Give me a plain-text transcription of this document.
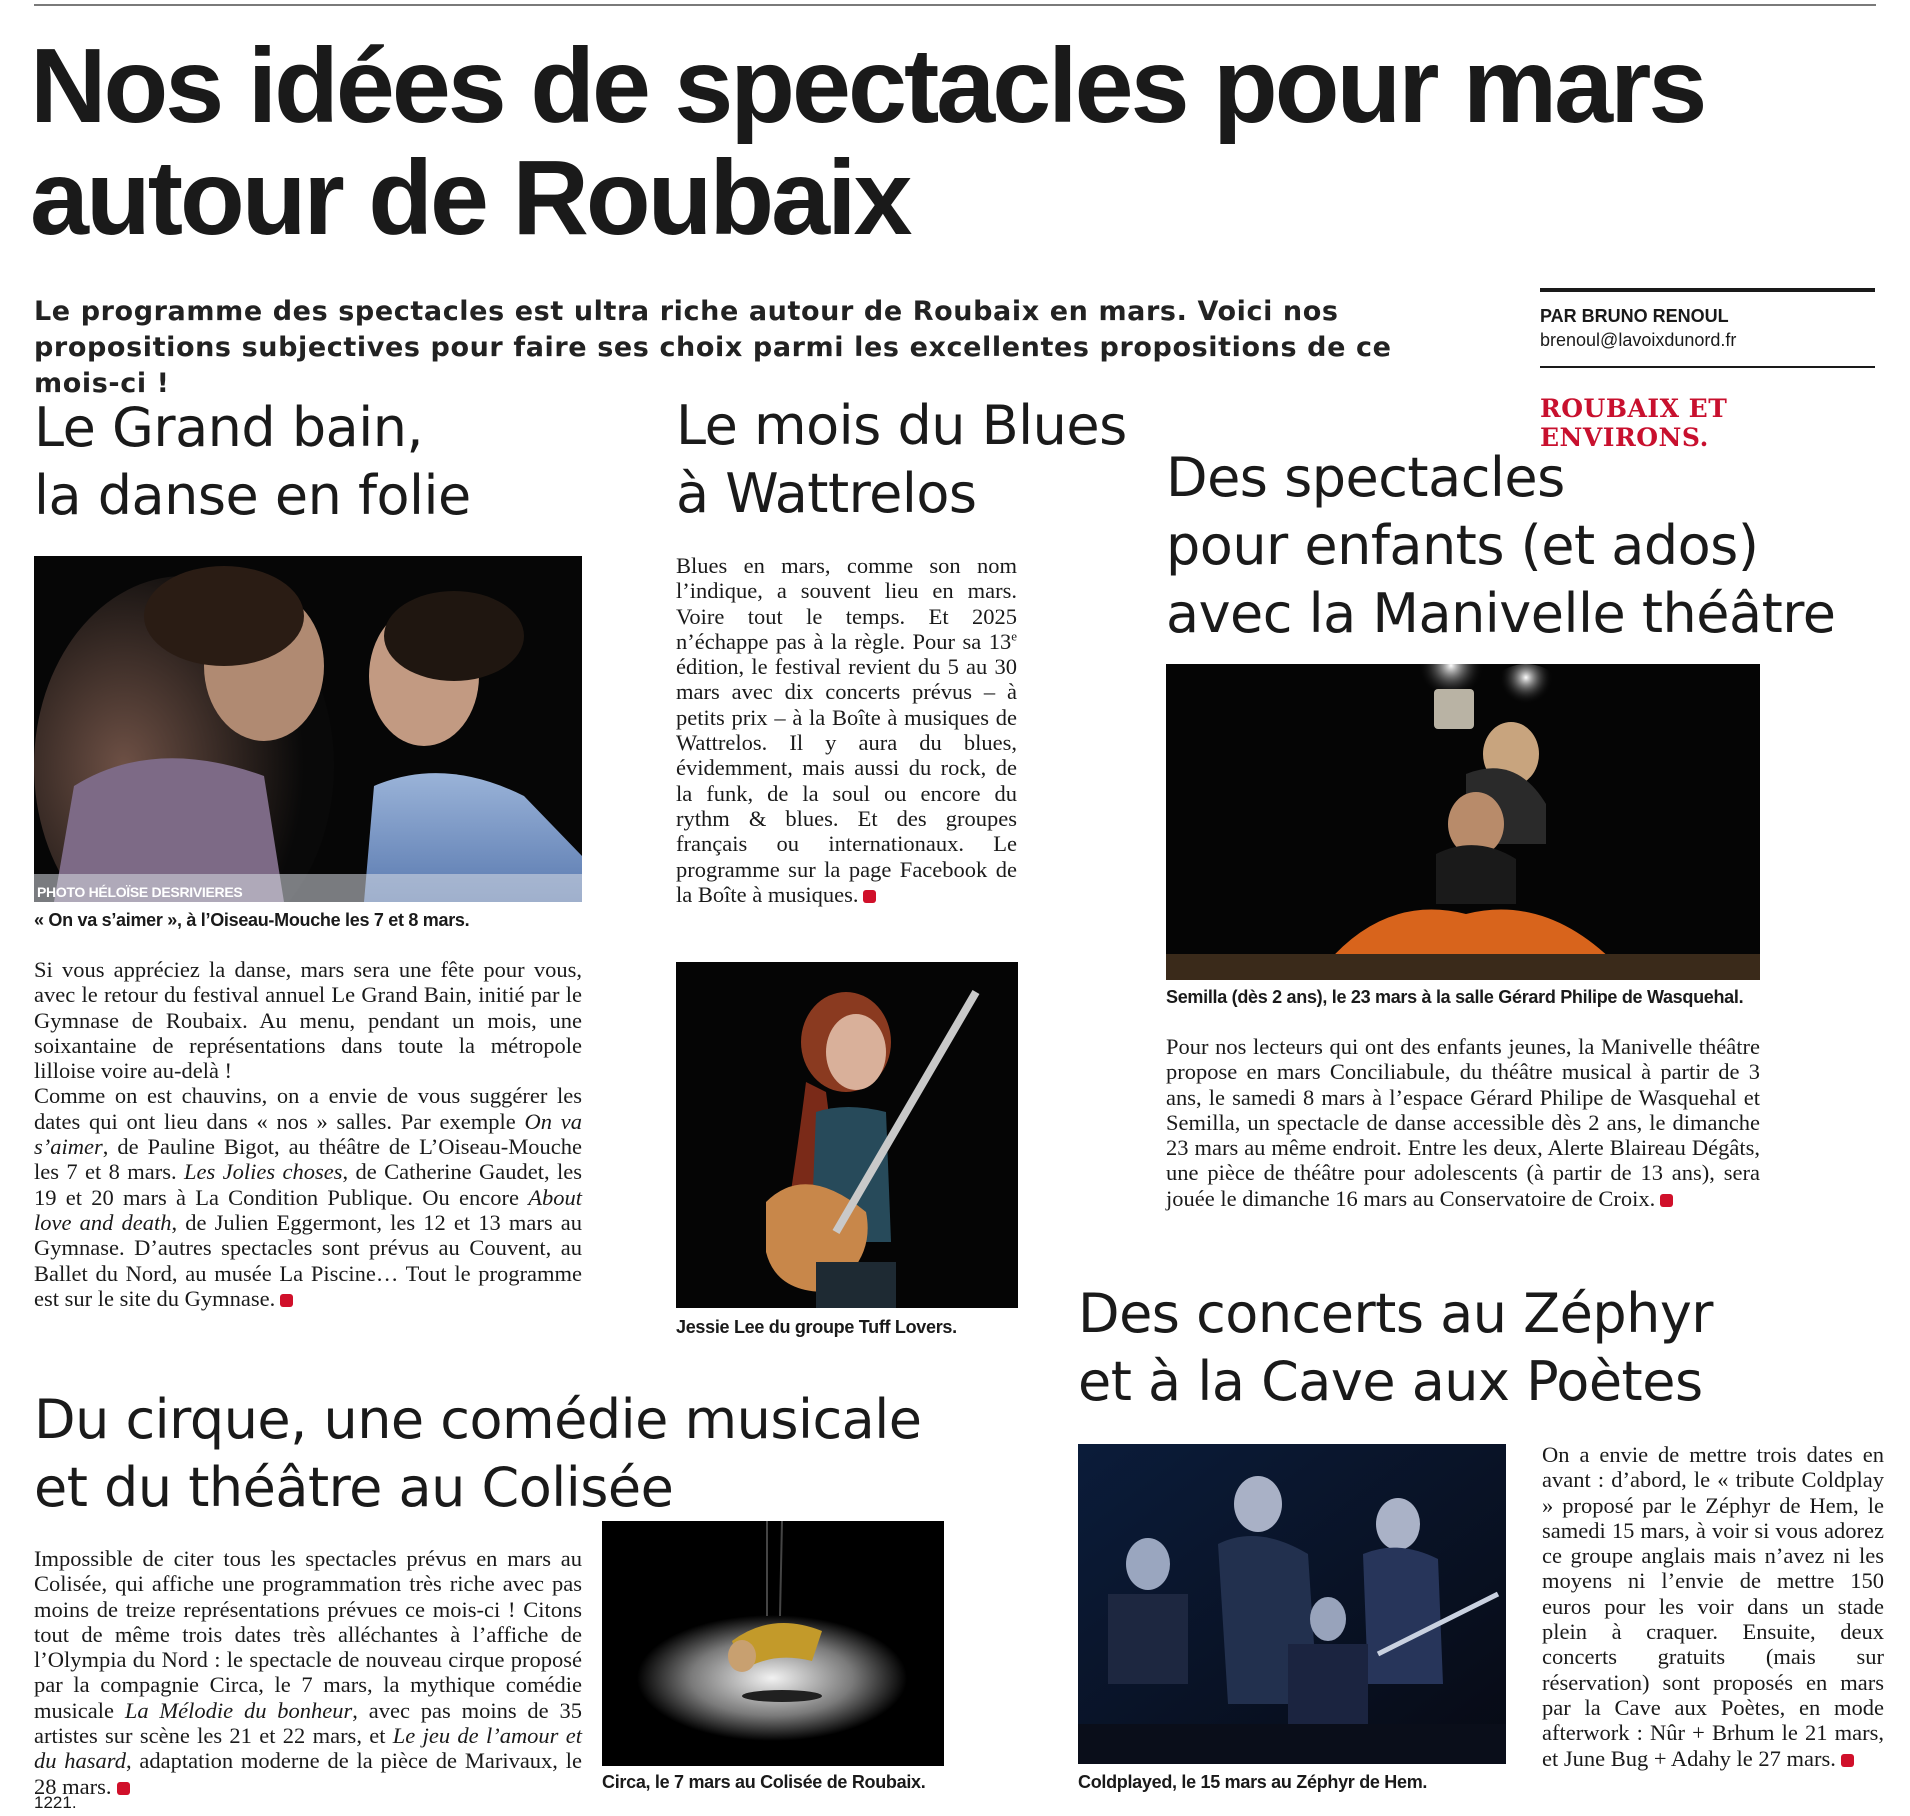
Nos idées de spectacles pour mars autour de Roubaix

Le programme des spectacles est ultra riche autour de Roubaix en mars. Voici nos propositions subjectives pour faire ses choix parmi les excellentes propositions de ce mois-ci !

PAR BRUNO RENOUL
brenoul@lavoixdunord.fr
ROUBAIX ET ENVIRONS.
Le Grand bain,
la danse en folie
PHOTO HÉLOÏSE DESRIVIERES
« On va s’aimer », à l’Oiseau-Mouche les 7 et 8 mars.

Si vous appréciez la danse, mars sera une fête pour vous, avec le retour du festival annuel Le Grand Bain, initié par le Gymnase de Roubaix. Au menu, pendant un mois, une soixantaine de représentations dans toute la métropole lilloise voire au-delà !

Comme on est chauvins, on a envie de vous suggérer les dates qui ont lieu dans « nos » salles. Par exemple On va s’aimer, de Pauline Bigot, au théâtre de L’Oiseau-Mouche les 7 et 8 mars. Les Jolies choses, de Catherine Gaudet, les 19 et 20 mars à La Condition Publique. Ou encore About love and death, de Julien Eggermont, les 12 et 13 mars au Gymnase. D’autres spectacles sont prévus au Couvent, au Ballet du Nord, au musée La Piscine… Tout le programme est sur le site du Gymnase.

Le mois du Blues
à Wattrelos

Blues en mars, comme son nom l’indique, a souvent lieu en mars. Voire tout le temps. Et 2025 n’échappe pas à la règle. Pour sa 13e édition, le festival revient du 5 au 30 mars avec dix concerts prévus – à petits prix – à la Boîte à musiques de Wattrelos. Il y aura du blues, évidemment, mais aussi du rock, de la funk, de la soul ou encore du rythm & blues. Et des groupes français ou internationaux. Le programme sur la page Facebook de la Boîte à musiques.

Jessie Lee du groupe Tuff Lovers.
Des spectacles
pour enfants (et ados)
avec la Manivelle théâtre
Semilla (dès 2 ans), le 23 mars à la salle Gérard Philipe de Wasquehal.

Pour nos lecteurs qui ont des enfants jeunes, la Manivelle théâtre propose en mars Conciliabule, du théâtre musical à partir de 3 ans, le samedi 8 mars à l’espace Gérard Philipe de Wasquehal et Semilla, un spectacle de danse accessible dès 2 ans, le dimanche 23 mars au même endroit. Entre les deux, Alerte Blaireau Dégâts, une pièce de théâtre pour adolescents (à partir de 13 ans), sera jouée le dimanche 16 mars au Conservatoire de Croix.

Du cirque, une comédie musicale
et du théâtre au Colisée

Impossible de citer tous les spectacles prévus en mars au Colisée, qui affiche une programmation très riche avec pas moins de treize représentations prévues ce mois-ci ! Citons tout de même trois dates très alléchantes à l’affiche de l’Olympia du Nord : le spectacle de nouveau cirque proposé par la compagnie Circa, le 7 mars, la mythique comédie musicale La Mélodie du bonheur, avec pas moins de 35 artistes sur scène les 21 et 22 mars, et Le jeu de l’amour et du hasard, adaptation moderne de la pièce de Marivaux, le 28 mars.	Circa, le 7 mars au Colisée de Roubaix.
Des concerts au Zéphyr
et à la Cave aux Poètes
Coldplayed, le 15 mars au Zéphyr de Hem.

On a envie de mettre trois dates en avant : d’abord, le « tribute Coldplay » proposé par le Zéphyr de Hem, le samedi 15 mars, à voir si vous adorez ce groupe anglais mais n’avez ni les moyens ni l’envie de mettre 150 euros pour les voir dans un stade plein à craquer. Ensuite, deux concerts gratuits (mais sur réservation) sont proposés en mars par la Cave aux Poètes, en mode afterwork : Nûr + Brhum le 21 mars, et June Bug + Adahy le 27 mars.

1221.
